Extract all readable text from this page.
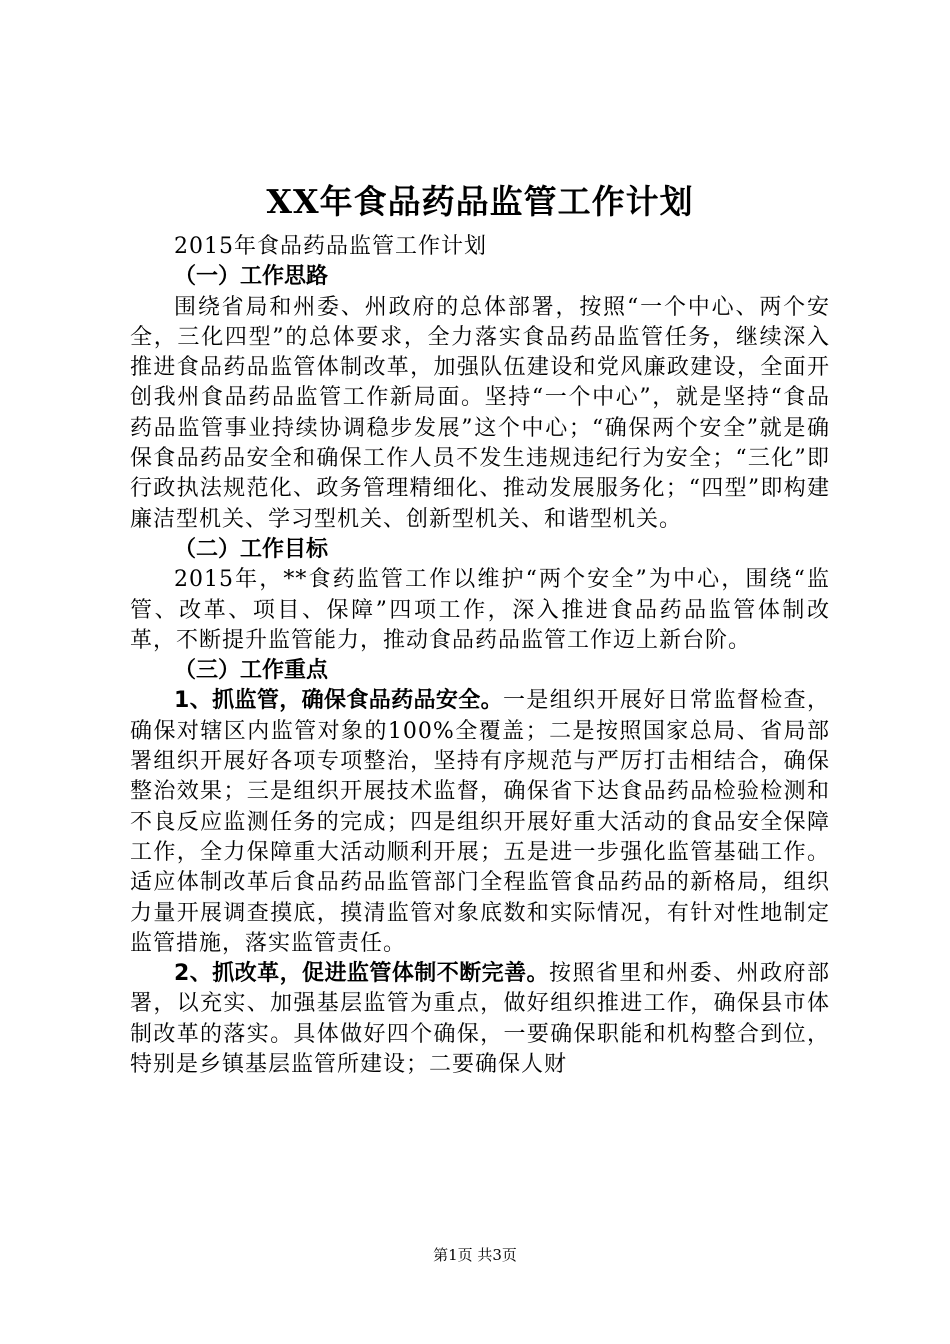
XX年食品药品监管工作计划

2015年食品药品监管工作计划

（一）工作思路

围绕省局和州委、州政府的总体部署，按照“一个中心、两个安全，三化四型”的总体要求，全力落实食品药品监管任务，继续深入推进食品药品监管体制改革，加强队伍建设和党风廉政建设，全面开创我州食品药品监管工作新局面。坚持“一个中心”，就是坚持“食品药品监管事业持续协调稳步发展”这个中心；“确保两个安全”就是确保食品药品安全和确保工作人员不发生违规违纪行为安全；“三化”即行政执法规范化、政务管理精细化、推动发展服务化；“四型”即构建廉洁型机关、学习型机关、创新型机关、和谐型机关。

（二）工作目标

2015年，**食药监管工作以维护“两个安全”为中心，围绕“监管、改革、项目、保障”四项工作，深入推进食品药品监管体制改革，不断提升监管能力，推动食品药品监管工作迈上新台阶。

（三）工作重点

1、抓监管，确保食品药品安全。一是组织开展好日常监督检查，确保对辖区内监管对象的100%全覆盖；二是按照国家总局、省局部署组织开展好各项专项整治，坚持有序规范与严厉打击相结合，确保整治效果；三是组织开展技术监督，确保省下达食品药品检验检测和不良反应监测任务的完成；四是组织开展好重大活动的食品安全保障工作，全力保障重大活动顺利开展；五是进一步强化监管基础工作。适应体制改革后食品药品监管部门全程监管食品药品的新格局，组织力量开展调查摸底，摸清监管对象底数和实际情况，有针对性地制定监管措施，落实监管责任。

2、抓改革，促进监管体制不断完善。按照省里和州委、州政府部署，以充实、加强基层监管为重点，做好组织推进工作，确保县市体制改革的落实。具体做好四个确保，一要确保职能和机构整合到位，特别是乡镇基层监管所建设；二要确保人财

第1页 共3页
